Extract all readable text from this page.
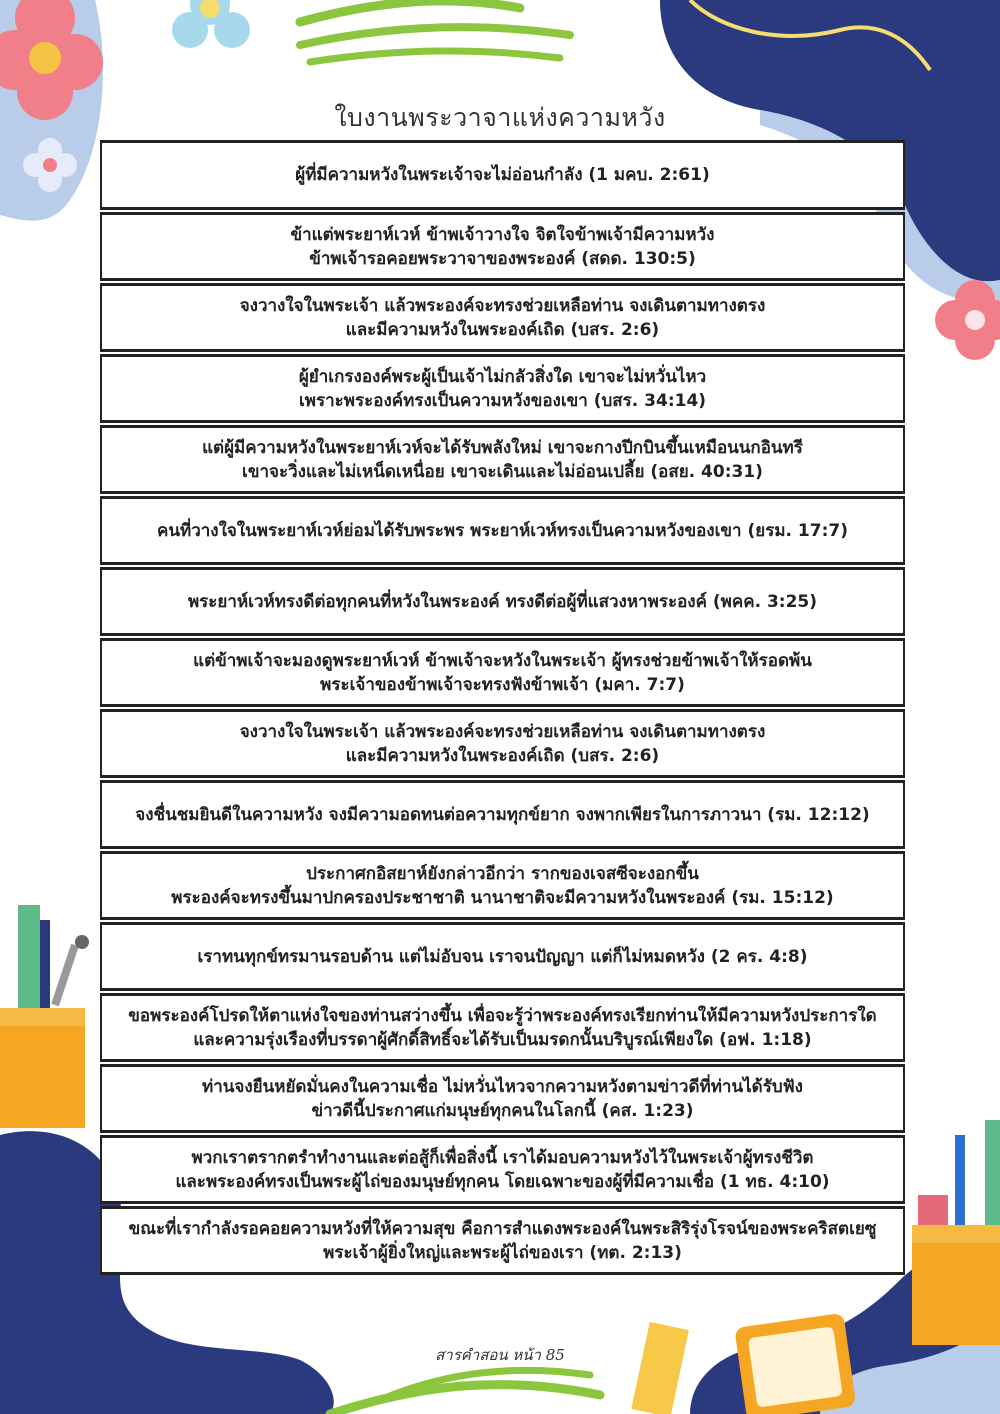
ใบงานพระวาจาแห่งความหวัง
ผู้ที่มีความหวังในพระเจ้าจะไม่อ่อนกำลัง (1 มคบ. 2:61)
ข้าแต่พระยาห์เวห์ ข้าพเจ้าวางใจ จิตใจข้าพเจ้ามีความหวัง
ข้าพเจ้ารอคอยพระวาจาของพระองค์ (สดด. 130:5)
จงวางใจในพระเจ้า แล้วพระองค์จะทรงช่วยเหลือท่าน จงเดินตามทางตรง
และมีความหวังในพระองค์เถิด (บสร. 2:6)
ผู้ยำเกรงองค์พระผู้เป็นเจ้าไม่กลัวสิ่งใด เขาจะไม่หวั่นไหว
เพราะพระองค์ทรงเป็นความหวังของเขา (บสร. 34:14)
แต่ผู้มีความหวังในพระยาห์เวห์จะได้รับพลังใหม่ เขาจะกางปีกบินขึ้นเหมือนนกอินทรี
เขาจะวิ่งและไม่เหน็ดเหนื่อย เขาจะเดินและไม่อ่อนเปลี้ย (อสย. 40:31)
คนที่วางใจในพระยาห์เวห์ย่อมได้รับพระพร พระยาห์เวห์ทรงเป็นความหวังของเขา (ยรม. 17:7)
พระยาห์เวห์ทรงดีต่อทุกคนที่หวังในพระองค์ ทรงดีต่อผู้ที่แสวงหาพระองค์ (พคค. 3:25)
แต่ข้าพเจ้าจะมองดูพระยาห์เวห์ ข้าพเจ้าจะหวังในพระเจ้า ผู้ทรงช่วยข้าพเจ้าให้รอดพ้น
พระเจ้าของข้าพเจ้าจะทรงฟังข้าพเจ้า (มคา. 7:7)
จงวางใจในพระเจ้า แล้วพระองค์จะทรงช่วยเหลือท่าน จงเดินตามทางตรง
และมีความหวังในพระองค์เถิด (บสร. 2:6)
จงชื่นชมยินดีในความหวัง จงมีความอดทนต่อความทุกข์ยาก จงพากเพียรในการภาวนา (รม. 12:12)
ประกาศกอิสยาห์ยังกล่าวอีกว่า รากของเจสซีจะงอกขึ้น
พระองค์จะทรงขึ้นมาปกครองประชาชาติ นานาชาติจะมีความหวังในพระองค์ (รม. 15:12)
เราทนทุกข์ทรมานรอบด้าน แต่ไม่อับจน เราจนปัญญา แต่ก็ไม่หมดหวัง (2 คร. 4:8)
ขอพระองค์โปรดให้ตาแห่งใจของท่านสว่างขึ้น เพื่อจะรู้ว่าพระองค์ทรงเรียกท่านให้มีความหวังประการใด
และความรุ่งเรืองที่บรรดาผู้ศักดิ์สิทธิ์จะได้รับเป็นมรดกนั้นบริบูรณ์เพียงใด (อฟ. 1:18)
ท่านจงยืนหยัดมั่นคงในความเชื่อ ไม่หวั่นไหวจากความหวังตามข่าวดีที่ท่านได้รับฟัง
ข่าวดีนี้ประกาศแก่มนุษย์ทุกคนในโลกนี้ (คส. 1:23)
พวกเราตรากตรำทำงานและต่อสู้ก็เพื่อสิ่งนี้ เราได้มอบความหวังไว้ในพระเจ้าผู้ทรงชีวิต
และพระองค์ทรงเป็นพระผู้ไถ่ของมนุษย์ทุกคน โดยเฉพาะของผู้ที่มีความเชื่อ (1 ทธ. 4:10)
ขณะที่เรากำลังรอคอยความหวังที่ให้ความสุข คือการสำแดงพระองค์ในพระสิริรุ่งโรจน์ของพระคริสตเยซู
พระเจ้าผู้ยิ่งใหญ่และพระผู้ไถ่ของเรา (ทต. 2:13)
สารคำสอน หน้า 85
